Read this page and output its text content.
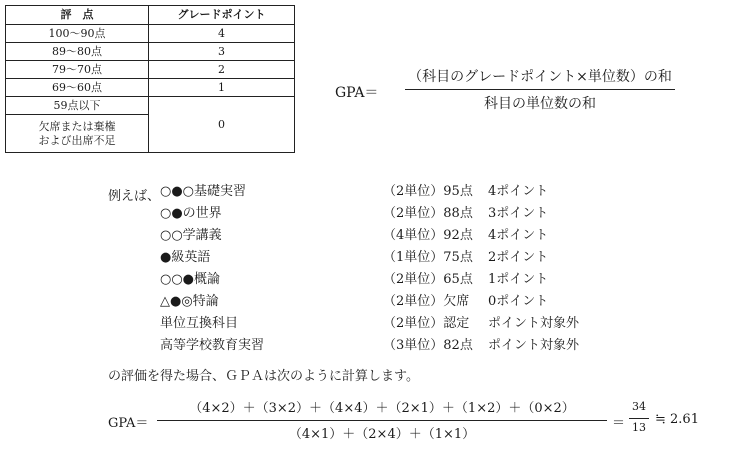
評　点	グレードポイント
100〜90点	4
89〜80点	3
79〜70点	2
69〜60点	1
59点以下	0
欠席または棄権
および出席不足	
GPA＝
（科目のグレードポイント×単位数）の和
科目の単位数の和
例えば、 ○●○基礎実習	（2単位）95点 4ポイント
○●の世界	（2単位）88点 3ポイント
○○学講義	（4単位）92点 4ポイント
●級英語	（1単位）75点 2ポイント
○○●概論	（2単位）65点 1ポイント
△●◎特論	（2単位）欠席 0ポイント
単位互換科目	（2単位）認定 ポイント対象外
高等学校教育実習	（3単位）82点 ポイント対象外
の評価を得た場合、ＧＰＡは次のように計算します。
GPA＝
（4×2）＋（3×2）＋（4×4）＋（2×1）＋（1×2）＋（0×2）
（4×1）＋（2×4）＋（1×1）
＝
34
13
≒ 2.61
